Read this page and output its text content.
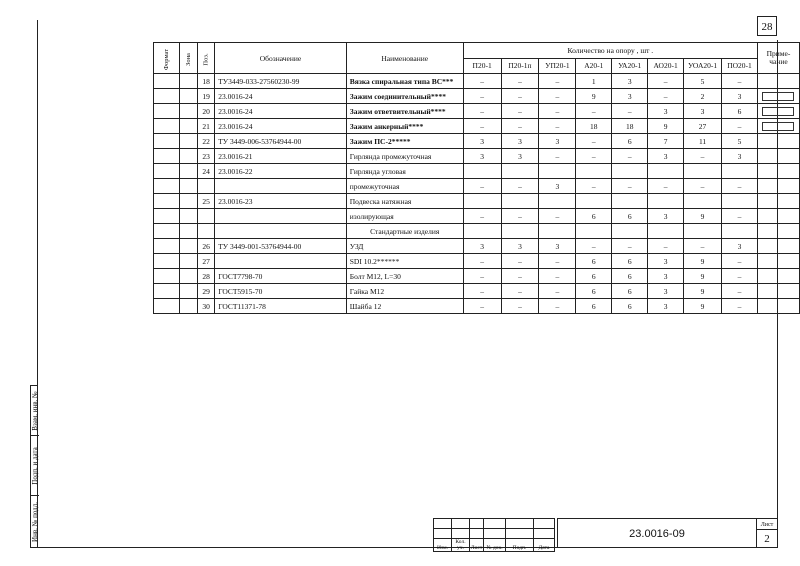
28
Взам. инв. №
Подп. и дата
Инв. № подл.
Формат	Зона	Поз.	Обозначение	Наименование	Количество на опору , шт .								Приме-
чание
					П20-1	П20-1п	УП20-1	А20-1	УА20-1	АО20-1	УОА20-1	ПО20-1	
		18	ТУ3449-033-27560230-99	Вязка спиральная типа ВС***	–	–	–	1	3	–	5	–	
		19	23.0016-24	Зажим соединительный****	–	–	–	9	3	–	2	3	
		20	23.0016-24	Зажим ответвительный****	–	–	–	–	–	3	3	6	
		21	23.0016-24	Зажим анкерный****	–	–	–	18	18	9	27	–	
		22	ТУ 3449-006-53764944-00	Зажим ПС-2*****	3	3	3	–	6	7	11	5	
		23	23.0016-21	Гирлянда промежуточная	3	3	–	–	–	3	–	3	
		24	23.0016-22	Гирлянда угловая									
				промежуточная	–	–	3	–	–	–	–	–	
		25	23.0016-23	Подвеска натяжная									
				изолирующая	–	–	–	6	6	3	9	–	
				Стандартные изделия									
		26	ТУ 3449-001-53764944-00	УЗД	3	3	3	–	–	–	–	3	
		27		SDI 10.2******	–	–	–	6	6	3	9	–	
		28	ГОСТ7798-70	Болт М12, L=30	–	–	–	6	6	3	9	–	
		29	ГОСТ5915-70	Гайка М12	–	–	–	6	6	3	9	–	
		30	ГОСТ11371-78	Шайба 12	–	–	–	6	6	3	9	–	

Изм.	Кол. уч.	Лист	№ док.	Подп.	Дата
23.0016-09
Лист
2
